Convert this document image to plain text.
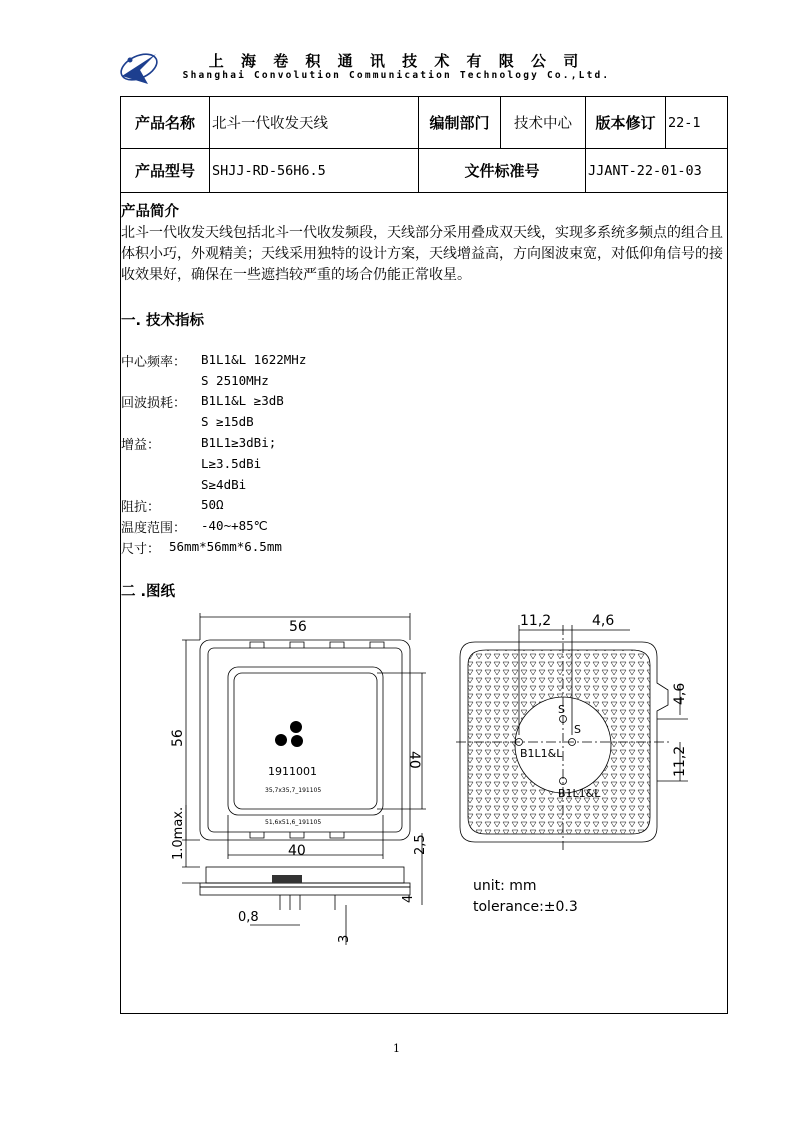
上 海 卷 积 通 讯 技 术 有 限 公 司
Shanghai Convolution Communication Technology Co.,Ltd.
产品名称	北斗一代收发天线	编制部门	技术中心	版本修订 22-1
产品型号	SHJJ-RD-56H6.5	文件标准号	JJANT-22-01-03
产品简介
北斗一代收发天线包括北斗一代收发频段，天线部分采用叠成双天线，实现多系统多频点的组合且体积小巧，外观精美；天线采用独特的设计方案，天线增益高，方向图波束宽，对低仰角信号的接收效果好，确保在一些遮挡较严重的场合仍能正常收星。
一. 技术指标
中心频率： B1L1&L 1622MHz
S 2510MHz
回波损耗： B1L1&L ≥3dB
S ≥15dB
增益：	B1L1≥3dBi;
L≥3.5dBi
S≥4dBi
阻抗：	50Ω
温度范围： -40~+85℃
尺寸： 56mm*56mm*6.5mm
二 .图纸
1911001
35,7x35,7_191105
51,6x51,6_191105
56
56
40
40
1.0max.	2,5
4
0,8
3
S
S
B1L1&L
B1L1&L
11,2	4,6
4,6
11,2
unit: mm
tolerance:±0.3
1
